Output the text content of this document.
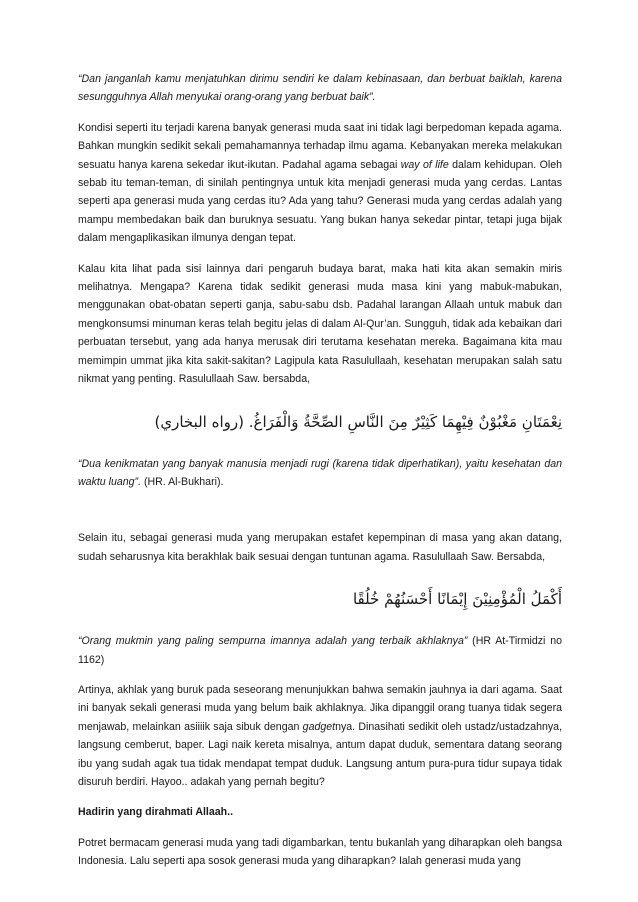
“Dan janganlah kamu menjatuhkan dirimu sendiri ke dalam kebinasaan, dan berbuat baiklah, karena sesungguhnya Allah menyukai orang-orang yang berbuat baik”.

Kondisi seperti itu terjadi karena banyak generasi muda saat ini tidak lagi berpedoman kepada agama. Bahkan mungkin sedikit sekali pemahamannya terhadap ilmu agama. Kebanyakan mereka melakukan sesuatu hanya karena sekedar ikut-ikutan. Padahal agama sebagai way of life dalam kehidupan. Oleh sebab itu teman-teman, di sinilah pentingnya untuk kita menjadi generasi muda yang cerdas. Lantas seperti apa generasi muda yang cerdas itu? Ada yang tahu? Generasi muda yang cerdas adalah yang mampu membedakan baik dan buruknya sesuatu. Yang bukan hanya sekedar pintar, tetapi juga bijak dalam mengaplikasikan ilmunya dengan tepat.

Kalau kita lihat pada sisi lainnya dari pengaruh budaya barat, maka hati kita akan semakin miris melihatnya. Mengapa? Karena tidak sedikit generasi muda masa kini yang mabuk-mabukan, menggunakan obat-obatan seperti ganja, sabu-sabu dsb. Padahal larangan Allaah untuk mabuk dan mengkonsumsi minuman keras telah begitu jelas di dalam Al-Qur’an. Sungguh, tidak ada kebaikan dari perbuatan tersebut, yang ada hanya merusak diri terutama kesehatan mereka. Bagaimana kita mau memimpin ummat jika kita sakit-sakitan? Lagipula kata Rasulullaah, kesehatan merupakan salah satu nikmat yang penting. Rasulullaah Saw. bersabda,

نِعْمَتَانِ مَغْبُوْنٌ فِيْهِمَا كَثِيْرٌ مِنَ النَّاسِ الصِّحَّةُ وَالْفَرَاغُ. (رواه البخاري)

“Dua kenikmatan yang banyak manusia menjadi rugi (karena tidak diperhatikan), yaitu kesehatan dan waktu luang”. (HR. Al-Bukhari).

Selain itu, sebagai generasi muda yang merupakan estafet kepempinan di masa yang akan datang, sudah seharusnya kita berakhlak baik sesuai dengan tuntunan agama. Rasulullaah Saw. Bersabda,

أَكْمَلُ الْمُؤْمِنِيْنَ إِيْمَانًا أَحْسَنُهُمْ خُلُقًا

“Orang mukmin yang paling sempurna imannya adalah yang terbaik akhlaknya” (HR At-Tirmidzi no 1162)

Artinya, akhlak yang buruk pada seseorang menunjukkan bahwa semakin jauhnya ia dari agama. Saat ini banyak sekali generasi muda yang belum baik akhlaknya. Jika dipanggil orang tuanya tidak segera menjawab, melainkan asiiiik saja sibuk dengan gadgetnya. Dinasihati sedikit oleh ustadz/ustadzahnya, langsung cemberut, baper. Lagi naik kereta misalnya, antum dapat duduk, sementara datang seorang ibu yang sudah agak tua tidak mendapat tempat duduk. Langsung antum pura-pura tidur supaya tidak disuruh berdiri. Hayoo.. adakah yang pernah begitu?

Hadirin yang dirahmati Allaah..

Potret bermacam generasi muda yang tadi digambarkan, tentu bukanlah yang diharapkan oleh bangsa Indonesia. Lalu seperti apa sosok generasi muda yang diharapkan? Ialah generasi muda yang
